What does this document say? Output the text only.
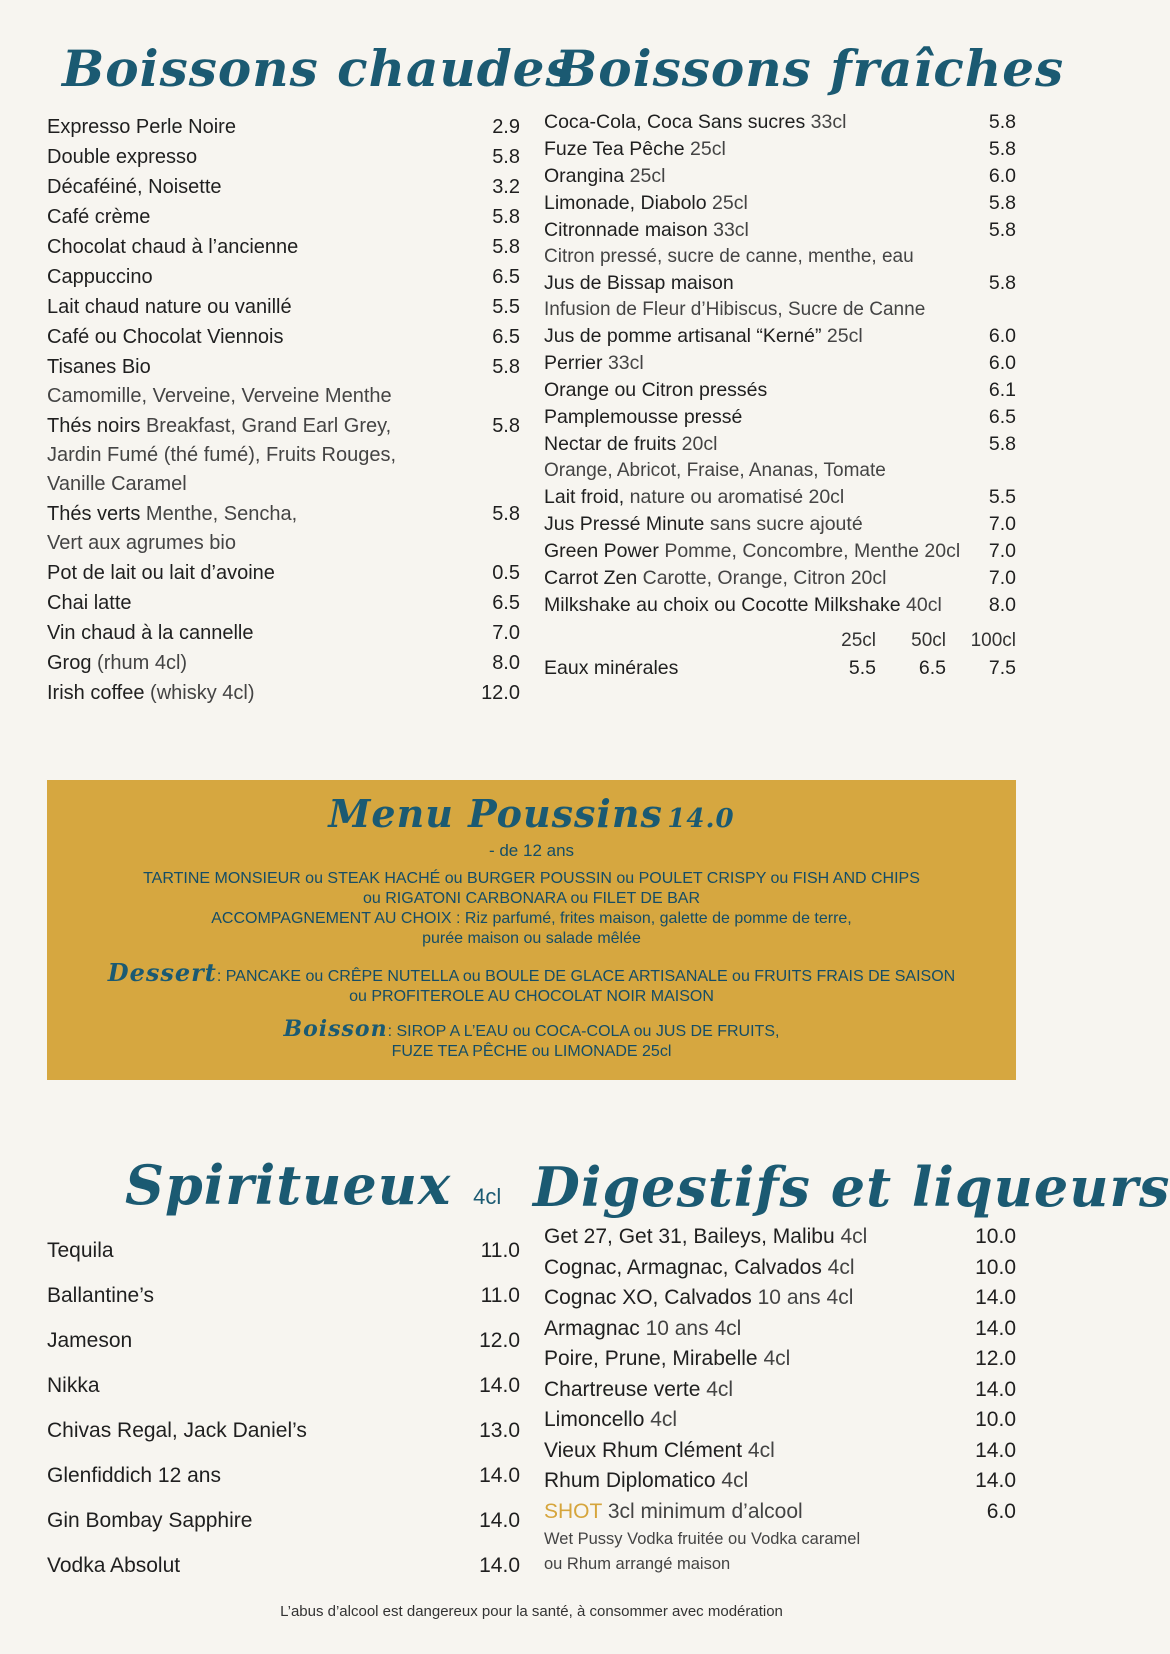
Boissons chaudes
Expresso Perle Noire	2.9
Double expresso	5.8
Décaféiné, Noisette	3.2
Café crème	5.8
Chocolat chaud à l’ancienne	5.8
Cappuccino	6.5
Lait chaud nature ou vanillé	5.5
Café ou Chocolat Viennois	6.5
Tisanes Bio	5.8
Camomille, Verveine, Verveine Menthe
Thés noirs Breakfast, Grand Earl Grey,	5.8
Jardin Fumé (thé fumé), Fruits Rouges,
Vanille Caramel
Thés verts Menthe, Sencha,	5.8
Vert aux agrumes bio
Pot de lait ou lait d’avoine	0.5
Chai latte	6.5
Vin chaud à la cannelle	7.0
Grog (rhum 4cl)	8.0
Irish coffee (whisky 4cl)	12.0
Boissons fraîches
Coca-Cola, Coca Sans sucres 33cl	5.8
Fuze Tea Pêche 25cl	5.8
Orangina 25cl	6.0
Limonade, Diabolo 25cl	5.8
Citronnade maison 33cl	5.8
Citron pressé, sucre de canne, menthe, eau
Jus de Bissap maison	5.8
Infusion de Fleur d’Hibiscus, Sucre de Canne
Jus de pomme artisanal “Kerné” 25cl	6.0
Perrier 33cl	6.0
Orange ou Citron pressés	6.1
Pamplemousse pressé	6.5
Nectar de fruits 20cl	5.8
Orange, Abricot, Fraise, Ananas, Tomate
Lait froid, nature ou aromatisé 20cl	5.5
Jus Pressé Minute sans sucre ajouté	7.0
Green Power Pomme, Concombre, Menthe 20cl	7.0
Carrot Zen Carotte, Orange, Citron 20cl	7.0
Milkshake au choix ou Cocotte Milkshake 40cl	8.0
25cl	50cl	100cl
Eaux minérales	5.5	6.5	7.5
Menu Poussins 14.0
- de 12 ans
TARTINE MONSIEUR ou STEAK HACHÉ ou BURGER POUSSIN ou POULET CRISPY ou FISH AND CHIPS
ou RIGATONI CARBONARA ou FILET DE BAR
ACCOMPAGNEMENT AU CHOIX : Riz parfumé, frites maison, galette de pomme de terre,
purée maison ou salade mêlée
Dessert: PANCAKE ou CRÊPE NUTELLA ou BOULE DE GLACE ARTISANALE ou FRUITS FRAIS DE SAISON
ou PROFITEROLE AU CHOCOLAT NOIR MAISON
Boisson: SIROP A L’EAU ou COCA-COLA ou JUS DE FRUITS,
FUZE TEA PÊCHE ou LIMONADE 25cl
Spiritueux 4cl
Tequila	11.0
Ballantine’s	11.0
Jameson	12.0
Nikka	14.0
Chivas Regal, Jack Daniel’s	13.0
Glenfiddich 12 ans	14.0
Gin Bombay Sapphire	14.0
Vodka Absolut	14.0
Digestifs et liqueurs
Get 27, Get 31, Baileys, Malibu 4cl	10.0
Cognac, Armagnac, Calvados 4cl	10.0
Cognac XO, Calvados 10 ans 4cl	14.0
Armagnac 10 ans 4cl	14.0
Poire, Prune, Mirabelle 4cl	12.0
Chartreuse verte 4cl	14.0
Limoncello 4cl	10.0
Vieux Rhum Clément 4cl	14.0
Rhum Diplomatico 4cl	14.0
SHOT 3cl minimum d’alcool	6.0
Wet Pussy Vodka fruitée ou Vodka caramel
ou Rhum arrangé maison
L’abus d’alcool est dangereux pour la santé, à consommer avec modération
